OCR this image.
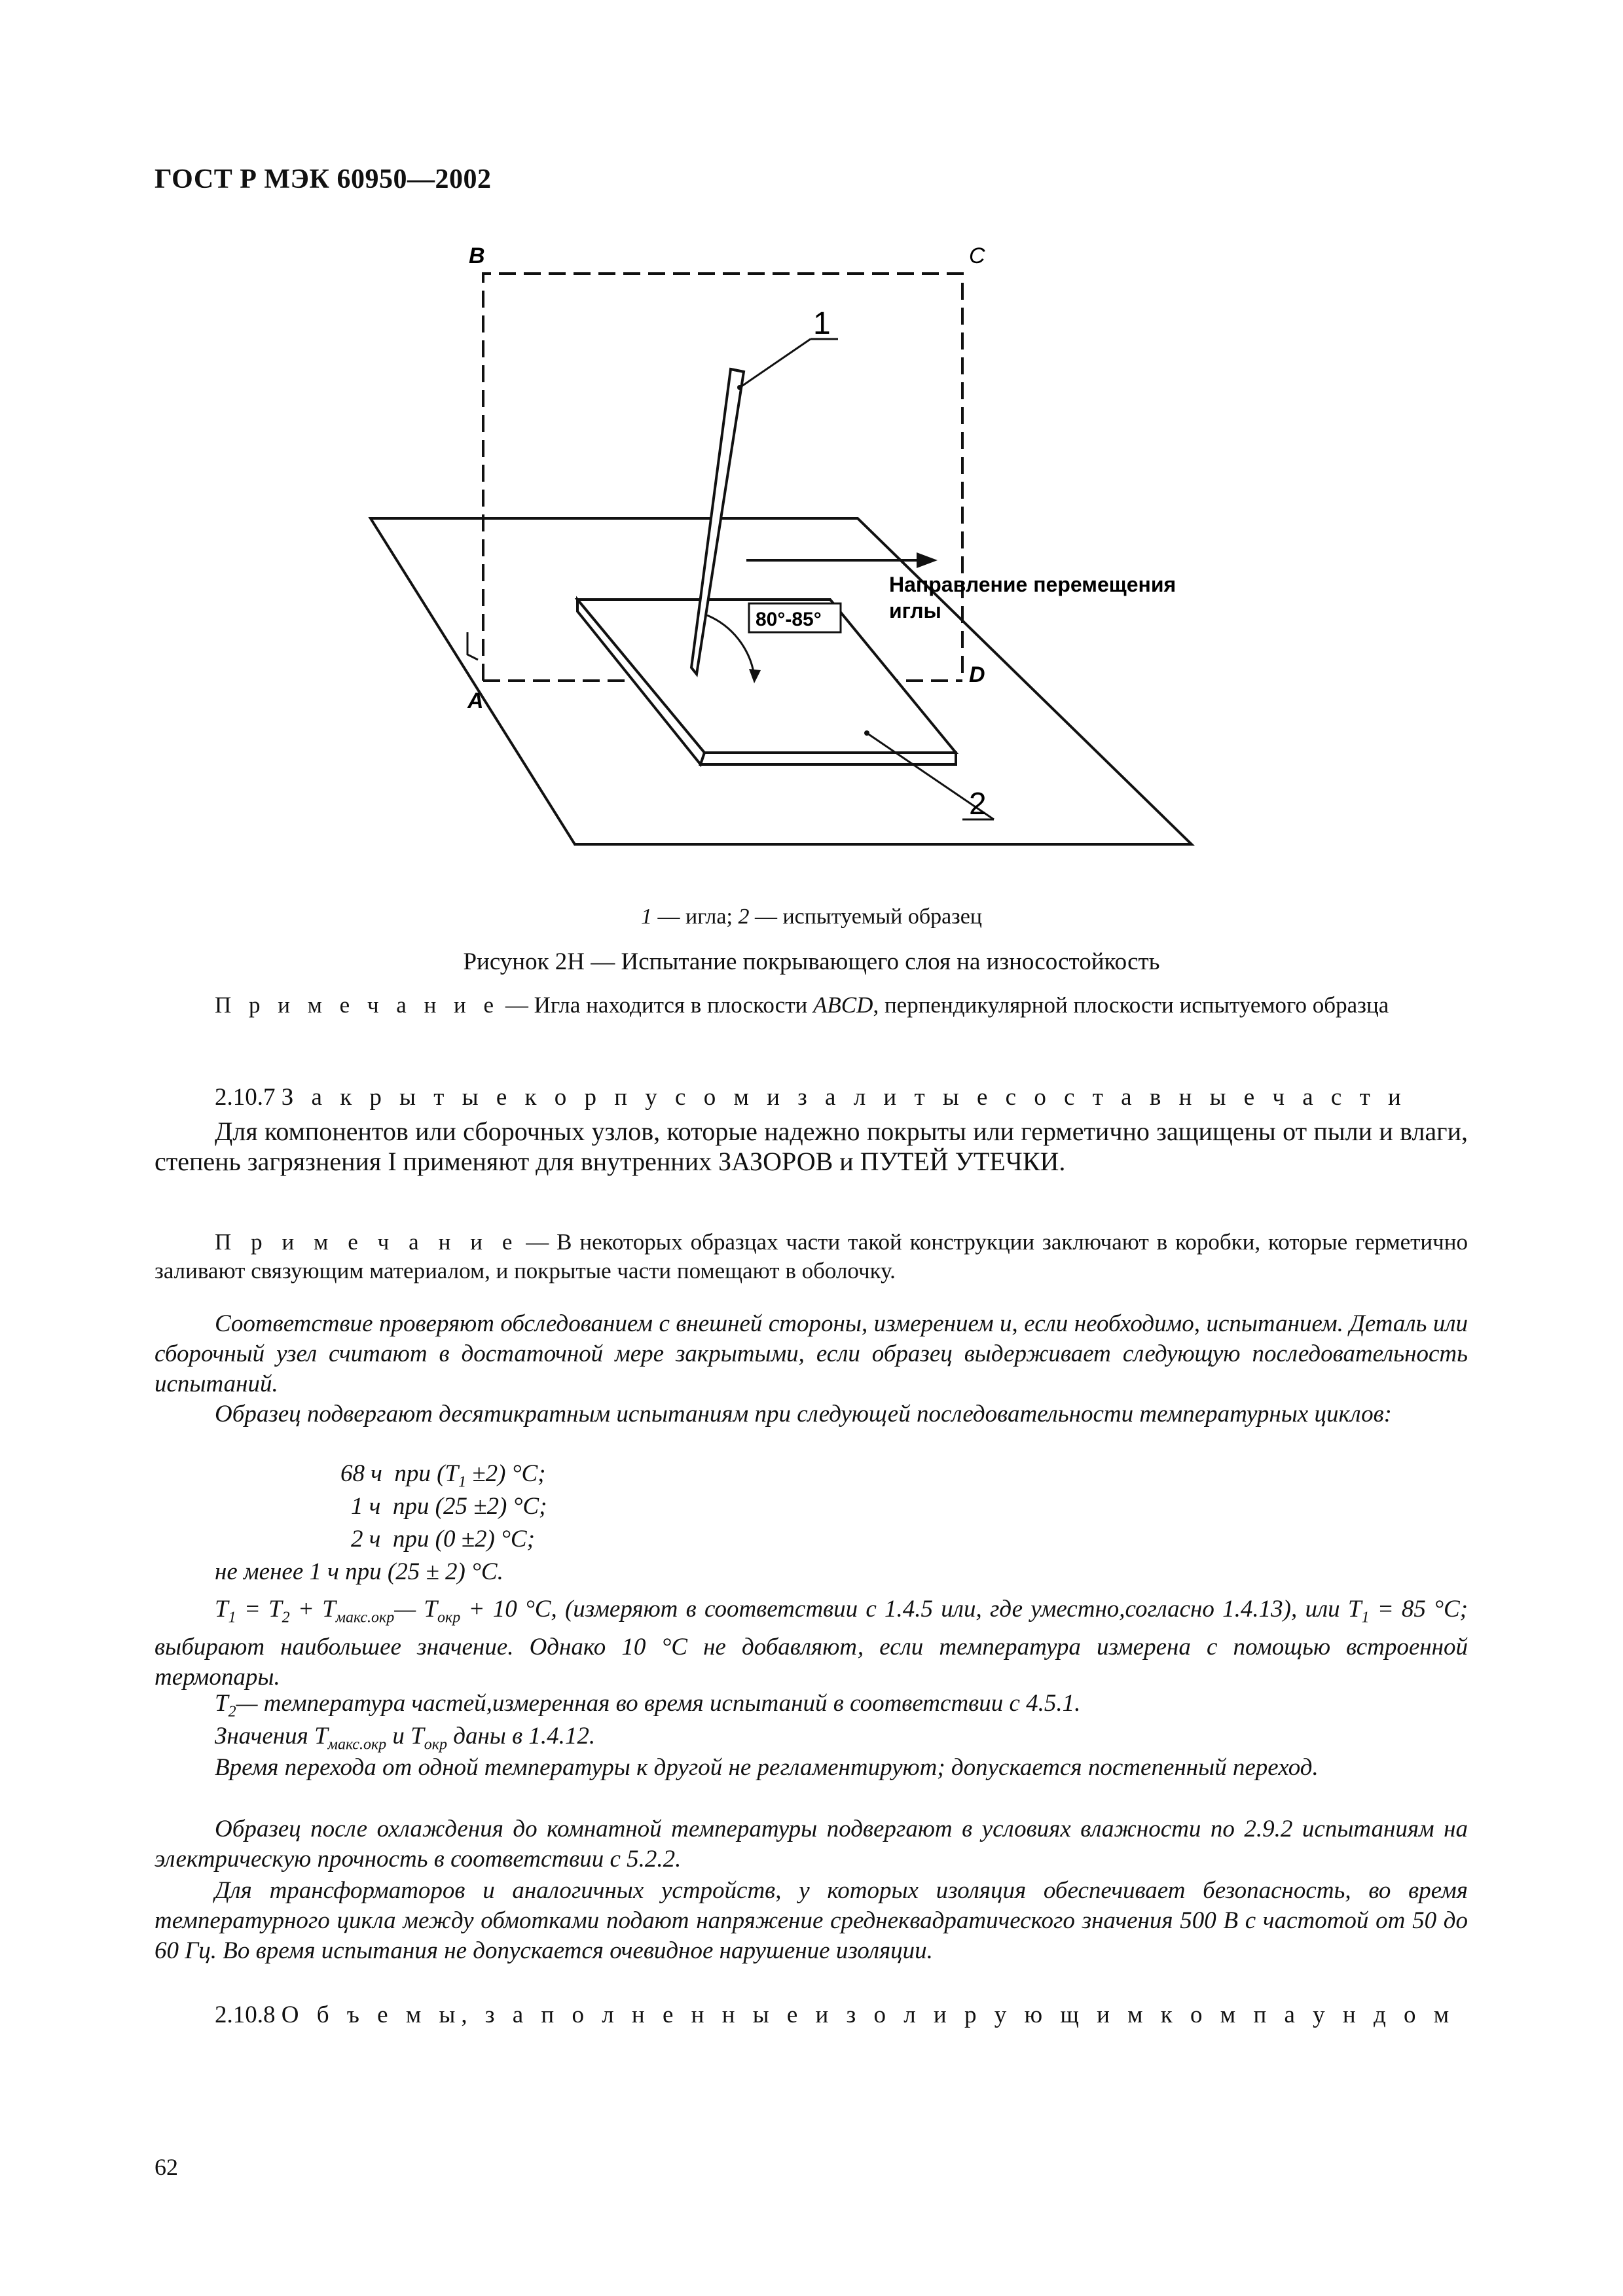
ГОСТ Р МЭК 60950—2002
B	C
A
D
1
2
80°-85°
Направление перемещения
иглы
1 — игла; 2 — испытуемый образец
Рисунок 2Н — Испытание покрывающего слоя на износостойкость
П р и м е ч а н и е — Игла находится в плоскости ABCD, перпендикулярной плоскости испытуемого образца
2.10.7 З а к р ы т ы е к о р п у с о м и з а л и т ы е с о с т а в н ы е ч а с т и
Для компонентов или сборочных узлов, которые надежно покрыты или герметично защищены от пыли и влаги, степень загрязнения I применяют для внутренних ЗАЗОРОВ и ПУТЕЙ УТЕЧКИ.
П р и м е ч а н и е — В некоторых образцах части такой конструкции заключают в коробки, которые герметично заливают связующим материалом, и покрытые части помещают в оболочку.
Соответствие проверяют обследованием с внешней стороны, измерением и, если необходимо, испытанием. Деталь или сборочный узел считают в достаточной мере закрытыми, если образец выдерживает следующую последовательность испытаний.
Образец подвергают десятикратным испытаниям при следующей последовательности температурных циклов:
68 ч при $(T_1 \pm 2)$ °C;
1 ч при (25 ±2) °C;
2 ч при (0 ±2) °C;
не менее 1 ч при (25 ± 2) °C.
$T_1 = T_2$ + $T_{макс.окр}—$ $T_{окр} + 10$ °C, (измеряют в соответствии с 1.4.5 или, где уместно,согласно 1.4.13), или $T_1 = 85$ °C; выбирают наибольшее значение. Однако 10 °C не добавляют, если температура измерена с помощью встроенной термопары.
$T_2—$ температура частей,измеренная во время испытаний в соответствии с 4.5.1.
Значения $T_{макс.окр}$ и $T_{окр}$ даны в 1.4.12.
Время перехода от одной температуры к другой не регламентируют; допускается постепенный переход.
Образец после охлаждения до комнатной температуры подвергают в условиях влажности по 2.9.2 испытаниям на электрическую прочность в соответствии с 5.2.2.
Для трансформаторов и аналогичных устройств, у которых изоляция обеспечивает безопасность, во время температурного цикла между обмотками подают напряжение среднеквадратического значения 500 В с частотой от 50 до 60 Гц. Во время испытания не допускается очевидное нарушение изоляции.
2.10.8 О б ъ е м ы, з а п о л н е н н ы е и з о л и р у ю щ и м к о м п а у н д о м
62
